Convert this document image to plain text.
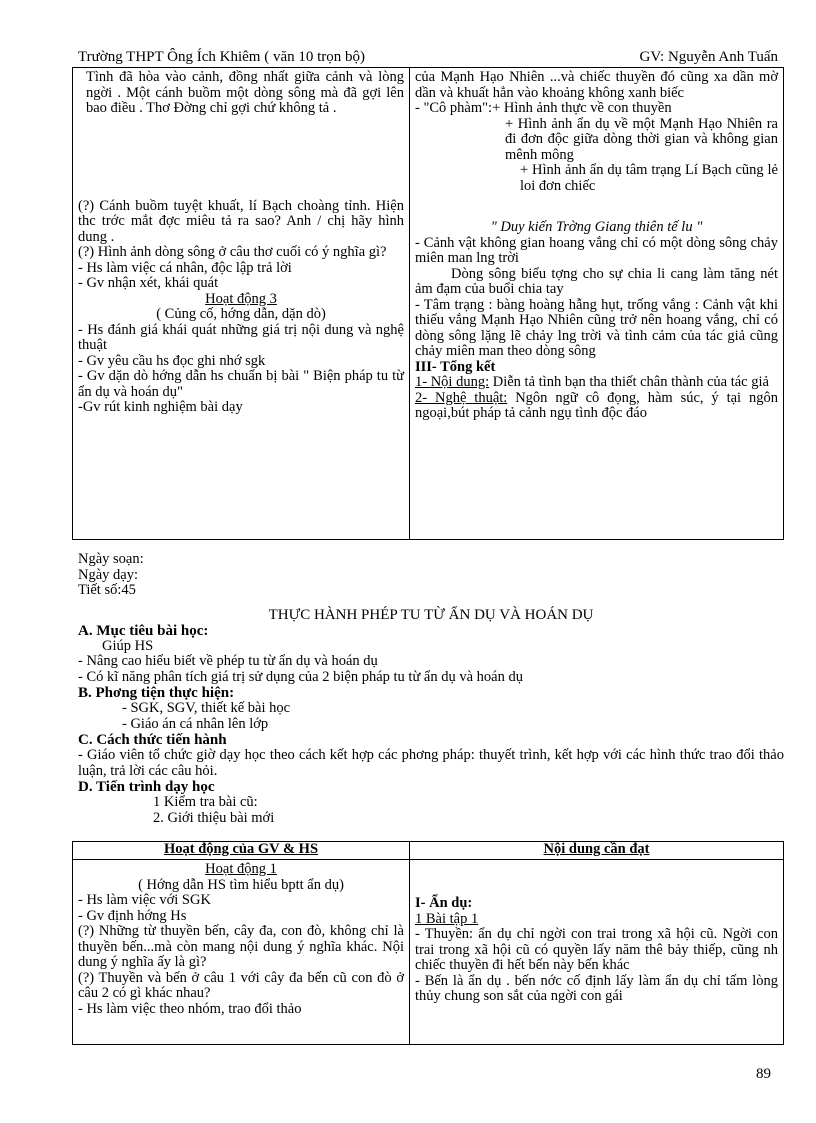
Trường THPT Ông Ích Khiêm ( văn 10 trọn bộ)	GV: Nguyễn Anh Tuấn

Tình đã hòa vào cảnh, đồng nhất giữa cảnh và lòng ngời . Một cánh buồm một dòng sông mà đã gợi lên bao điều . Thơ Đờng chỉ gợi chứ không tả .

(?) Cánh buồm tuyệt khuất, lí Bạch choàng tỉnh. Hiện thc trớc mắt đợc miêu tả ra sao? Anh / chị hãy hình dung .

(?) Hình ảnh dòng sông ở câu thơ cuối có ý nghĩa gì?

- Hs làm việc cá nhân, độc lập trả lời

- Gv nhận xét, khái quát

Hoạt động 3

( Củng cố, hớng dẫn, dặn dò)

- Hs đánh giá khái quát những giá trị nội dung và nghệ thuật

- Gv yêu cầu hs đọc ghi nhớ sgk

- Gv dặn dò hớng dẫn hs chuẩn bị bài " Biện pháp tu từ ẩn dụ và hoán dụ"

-Gv rút kinh nghiệm bài dạy

của Mạnh Hạo Nhiên ...và chiếc thuyền đó cũng xa dần mờ dần và khuất hẳn vào khoảng không xanh biếc

- "Cô phàm":+ Hình ảnh thực về con thuyền

+ Hình ảnh ẩn dụ về một Mạnh Hạo Nhiên ra đi đơn độc giữa dòng thời gian và không gian mênh mông

+ Hình ảnh ẩn dụ tâm trạng Lí Bạch cũng lẻ loi đơn chiếc

" Duy kiến Trờng Giang thiên tế lu "

- Cảnh vật không gian hoang vắng chỉ có một dòng sông chảy miên man lng trời

Dòng sông biểu tợng cho sự chia li cang làm tăng nét ảm đạm của buổi chia tay

- Tâm trạng : bàng hoàng hẫng hụt, trống vắng : Cảnh vật khi thiếu vắng Mạnh Hạo Nhiên cũng trở nên hoang vắng, chỉ có dòng sông lặng lẽ chảy lng trời và tình cảm của tác giả cũng chảy miên man theo dòng sông

III- Tổng kết

1- Nội dung: Diễn tả tình bạn tha thiết chân thành của tác giả

2- Nghệ thuật: Ngôn ngữ cô đọng, hàm súc, ý tại ngôn ngoại,bút pháp tả cảnh ngụ tình độc đáo

Ngày soạn:

Ngày dạy:

Tiết số:45

THỰC HÀNH PHÉP TU TỪ ẨN DỤ VÀ HOÁN DỤ

A. Mục tiêu bài học:

Giúp HS

- Nâng cao hiểu biết về phép tu từ ẩn dụ và hoán dụ

- Có kĩ năng phân tích giá trị sử dụng của 2 biện pháp tu từ ẩn dụ và hoán dụ

B. Phơng tiện thực hiện:

- SGK, SGV, thiết kế bài học

- Giáo án cá nhân lên lớp

C. Cách thức tiến hành

- Giáo viên tổ chức giờ dạy học theo cách kết hợp các phơng pháp: thuyết trình, kết hợp với các hình thức trao đổi thảo luận, trả lời các câu hỏi.

D. Tiến trình dạy học

1 Kiểm tra bài cũ:

2. Giới thiệu bài mới

Hoạt động của GV & HS	Nội dung cần đạt

Hoạt động 1

( Hớng dẫn HS tìm hiểu bptt ẩn dụ)

- Hs làm việc với SGK

- Gv định hớng Hs

(?) Những từ thuyền bến, cây đa, con đò, không chỉ là thuyền bến...mà còn mang nội dung ý nghĩa khác. Nội dung ý nghĩa ấy là gì?

(?) Thuyền và bến ở câu 1 với cây đa bến cũ con đò ở câu 2 có gì khác nhau?

- Hs làm việc theo nhóm, trao đổi thảo

I- Ẩn dụ:

1 Bài tập 1

- Thuyền: ẩn dụ chỉ ngời con trai trong xã hội cũ. Ngời con trai trong xã hội cũ có quyền lấy năm thê bảy thiếp, cũng nh chiếc thuyền đi hết bến này bến khác

- Bến là ẩn dụ . bến nớc cố định lấy làm ẩn dụ chỉ tấm lòng thủy chung son sắt của ngời con gái

89
